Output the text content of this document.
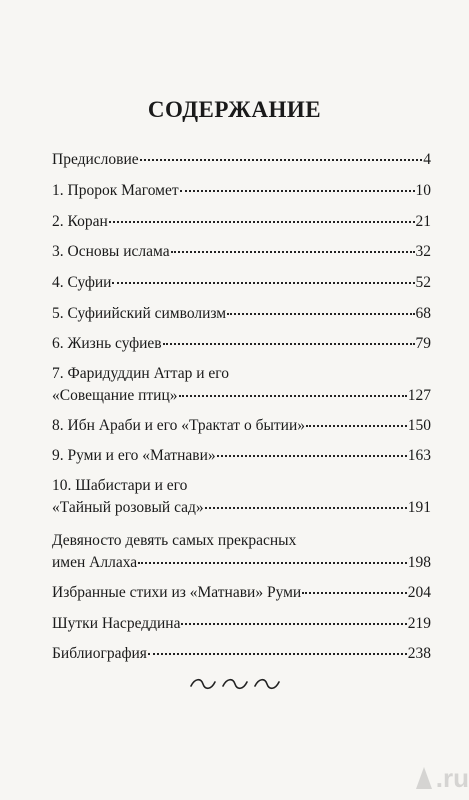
СОДЕРЖАНИЕ
Предисловие	4
1. Пророк Магомет	10
2. Коран	21
3. Основы ислама	32
4. Суфии	52
5. Суфиийский символизм	68
6. Жизнь суфиев	79
7. Фаридуддин Аттар и его
«Совещание птиц»	127
8. Ибн Араби и его «Трактат о бытии»	150
9. Руми и его «Матнави»	163
10. Шабистари и его
«Тайный розовый сад»	191
Девяносто девять самых прекрасных
имен Аллаха	198
Избранные стихи из «Матнави» Руми	204
Шутки Насреддина	219
Библиография	238
.ru
